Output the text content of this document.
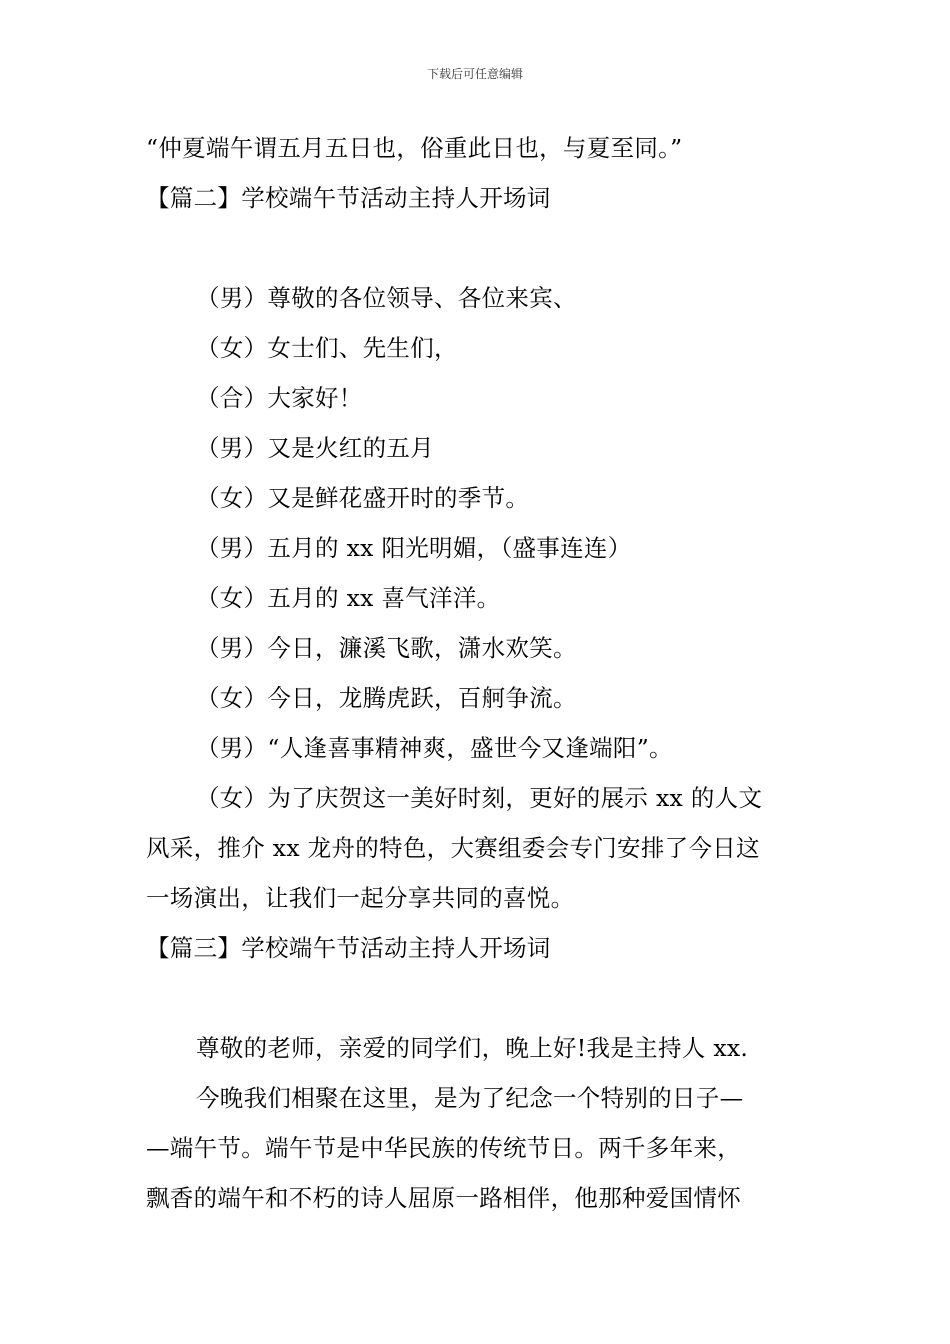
下载后可任意编辑
“仲夏端午谓五月五日也，俗重此日也，与夏至同。”
【篇二】学校端午节活动主持人开场词
（男）尊敬的各位领导、各位来宾、
（女）女士们、先生们，
（合）大家好！
（男）又是火红的五月
（女）又是鲜花盛开时的季节。
（男）五月的 xx 阳光明媚，（盛事连连）
（女）五月的 xx 喜气洋洋。
（男）今日，濂溪飞歌，潇水欢笑。
（女）今日，龙腾虎跃，百舸争流。
（男）“人逢喜事精神爽，盛世今又逢端阳”。
（女）为了庆贺这一美好时刻，更好的展示 xx 的人文
风采，推介 xx 龙舟的特色，大赛组委会专门安排了今日这
一场演出，让我们一起分享共同的喜悦。
【篇三】学校端午节活动主持人开场词
尊敬的老师，亲爱的同学们，晚上好!我是主持人 xx.
今晚我们相聚在这里，是为了纪念一个特别的日子—
—端午节。端午节是中华民族的传统节日。两千多年来，
飘香的端午和不朽的诗人屈原一路相伴，他那种爱国情怀
